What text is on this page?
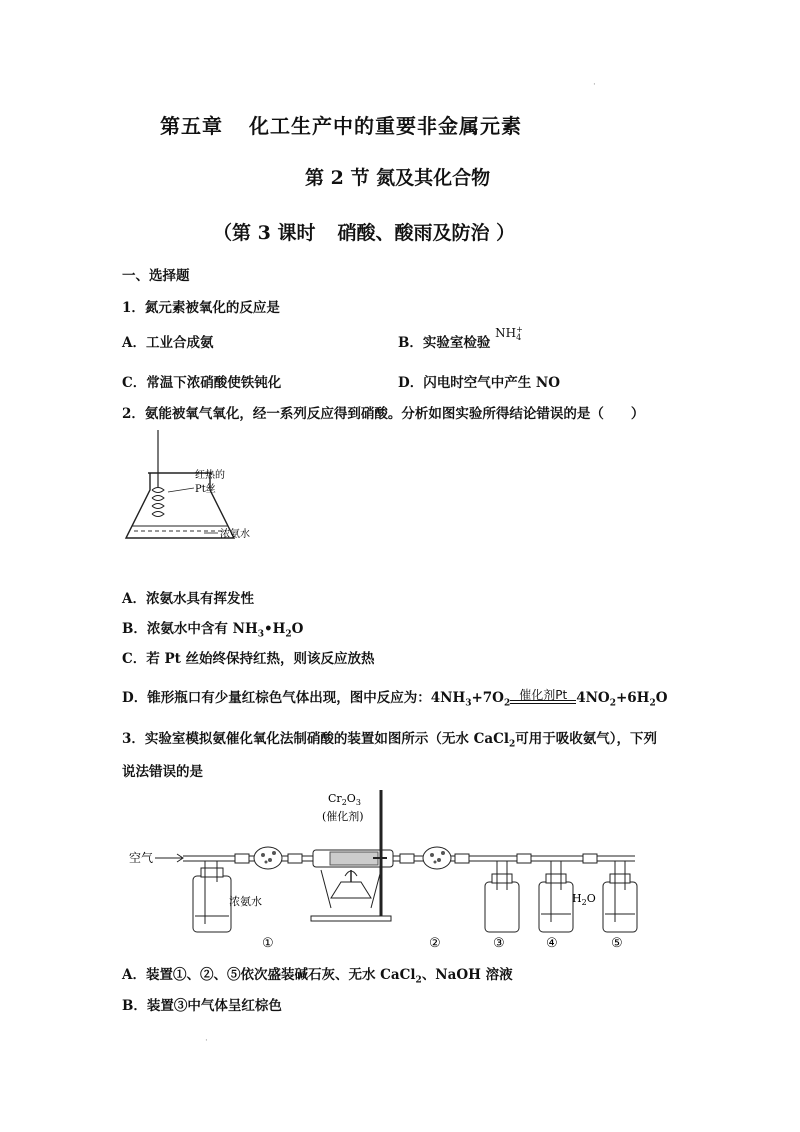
·
第五章 化工生产中的重要非金属元素
第 2 节 氮及其化合物
（第 3 课时 硝酸、酸雨及防治 ）
一、选择题
1．氮元素被氧化的反应是
A．工业合成氨	B．实验室检验 NH +
4
C．常温下浓硝酸使铁钝化	D．闪电时空气中产生 NO
2．氨能被氧气氧化，经一系列反应得到硝酸。分析如图实验所得结论错误的是（　　）
红热的
Pt丝
浓氨水
A．浓氨水具有挥发性
B．浓氨水中含有 $NH_3•H_2O$
C．若 Pt 丝始终保持红热，则该反应放热
D．锥形瓶口有少量红棕色气体出现，图中反应为：$4NH_3+7O_2$
催化剂Pt $4NO_2+6H_2O$
3．实验室模拟氨催化氧化法制硝酸的装置如图所示（无水 CaCl$_2$可用于吸收氨气），下列
说法错误的是
空气
$Cr_2O_3$
(催化剂)
浓氨水	$H_2O$
①	②	③	④	⑤
A．装置①、②、⑤依次盛装碱石灰、无水 CaCl$_2$、NaOH 溶液
B．装置③中气体呈红棕色
·
